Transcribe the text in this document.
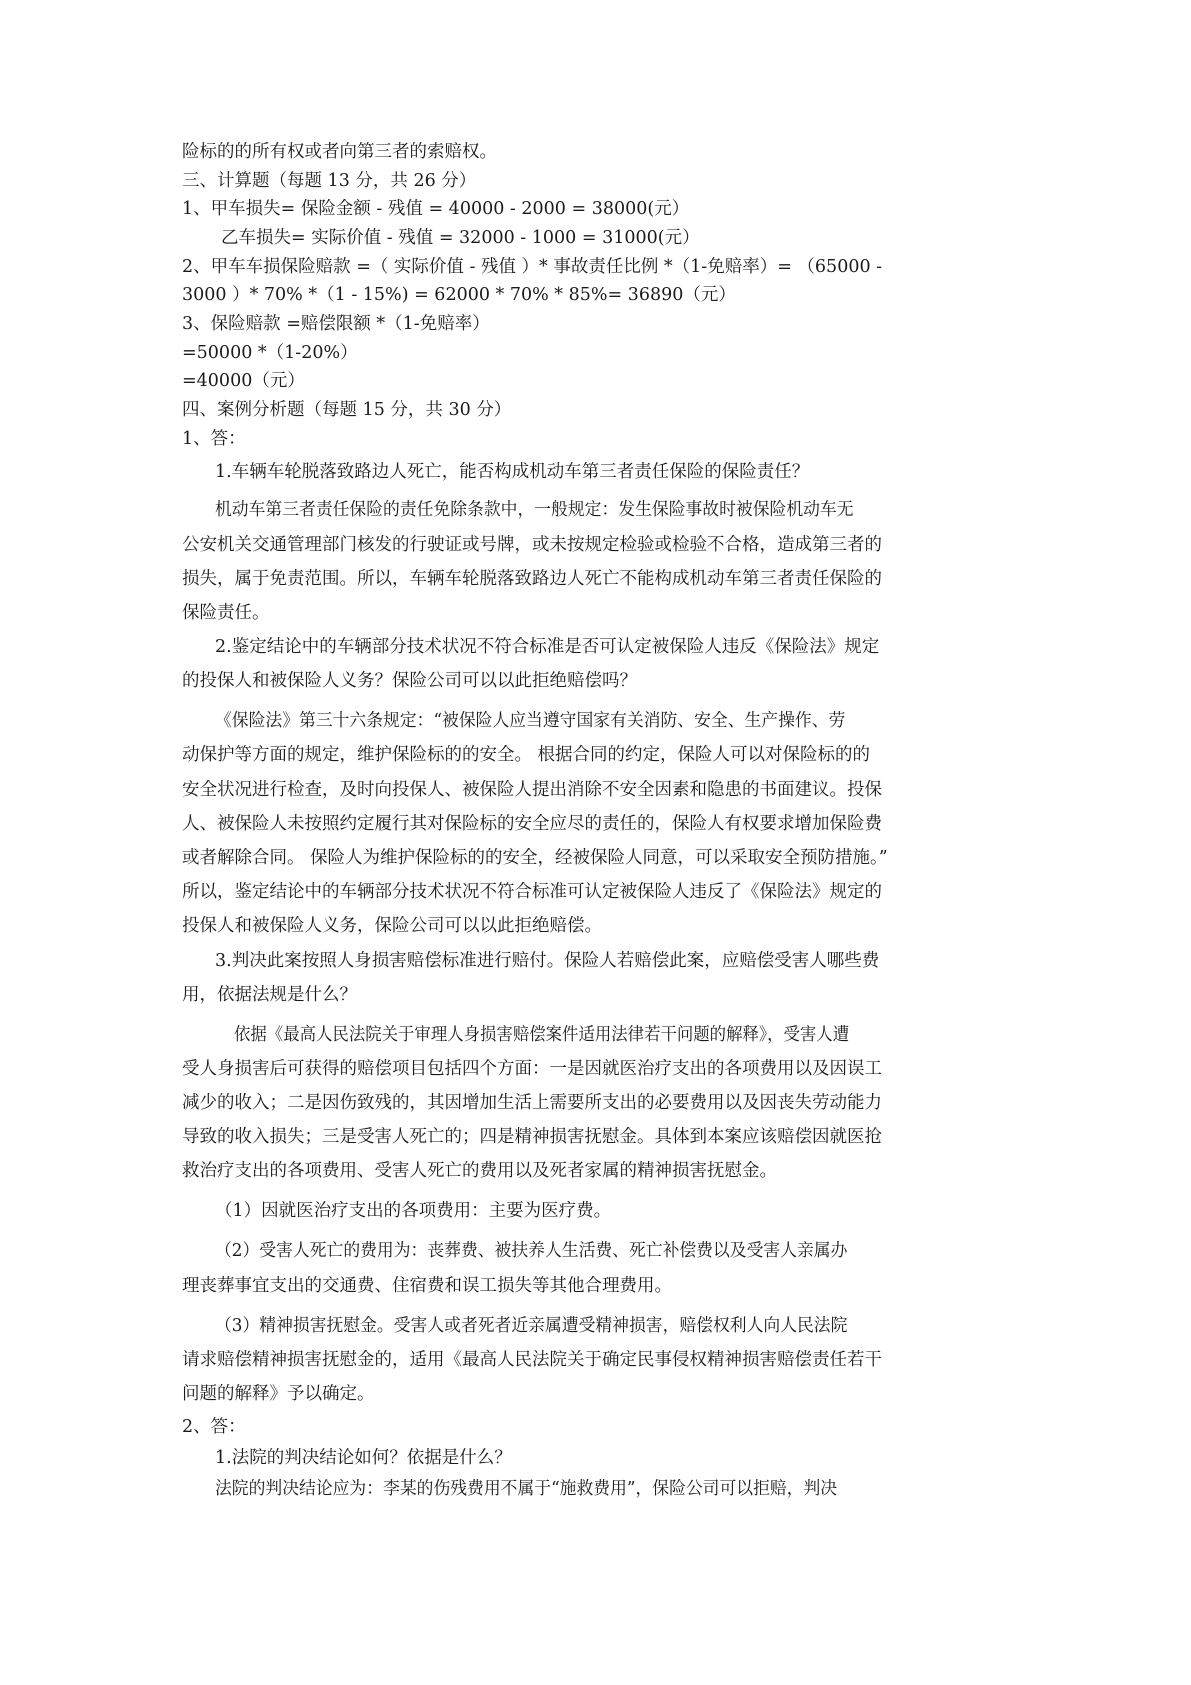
险标的的所有权或者向第三者的索赔权。

三、计算题（每题 13 分，共 26 分）

1、甲车损失= 保险金额 - 残值 = 40000 - 2000 = 38000(元）

乙车损失= 实际价值 - 残值 = 32000 - 1000 = 31000(元）

2、甲车车损保险赔款 =（ 实际价值 - 残值 ）* 事故责任比例 *（1-免赔率）= （65000 -

3000 ）* 70% *（1 - 15%) = 62000 * 70% * 85%= 36890（元）

3、保险赔款 =赔偿限额 *（1-免赔率）

=50000 *（1-20%）

=40000（元）

四、案例分析题（每题 15 分，共 30 分）

1、答：

1.车辆车轮脱落致路边人死亡，能否构成机动车第三者责任保险的保险责任？

机动车第三者责任保险的责任免除条款中，一般规定：发生保险事故时被保险机动车无

公安机关交通管理部门核发的行驶证或号牌，或未按规定检验或检验不合格，造成第三者的

损失，属于免责范围。所以，车辆车轮脱落致路边人死亡不能构成机动车第三者责任保险的

保险责任。

2.鉴定结论中的车辆部分技术状况不符合标准是否可认定被保险人违反《保险法》规定

的投保人和被保险人义务？保险公司可以以此拒绝赔偿吗？

《保险法》第三十六条规定：“被保险人应当遵守国家有关消防、安全、生产操作、劳

动保护等方面的规定，维护保险标的的安全。 根据合同的约定，保险人可以对保险标的的

安全状况进行检查，及时向投保人、被保险人提出消除不安全因素和隐患的书面建议。投保

人、被保险人未按照约定履行其对保险标的安全应尽的责任的，保险人有权要求增加保险费

或者解除合同。 保险人为维护保险标的的安全，经被保险人同意，可以采取安全预防措施。”

所以，鉴定结论中的车辆部分技术状况不符合标准可认定被保险人违反了《保险法》规定的

投保人和被保险人义务，保险公司可以以此拒绝赔偿。

3.判决此案按照人身损害赔偿标准进行赔付。保险人若赔偿此案，应赔偿受害人哪些费

用，依据法规是什么？

依据《最高人民法院关于审理人身损害赔偿案件适用法律若干问题的解释》，受害人遭

受人身损害后可获得的赔偿项目包括四个方面：一是因就医治疗支出的各项费用以及因误工

减少的收入；二是因伤致残的，其因增加生活上需要所支出的必要费用以及因丧失劳动能力

导致的收入损失；三是受害人死亡的；四是精神损害抚慰金。具体到本案应该赔偿因就医抢

救治疗支出的各项费用、受害人死亡的费用以及死者家属的精神损害抚慰金。

（1）因就医治疗支出的各项费用：主要为医疗费。

（2）受害人死亡的费用为：丧葬费、被扶养人生活费、死亡补偿费以及受害人亲属办

理丧葬事宜支出的交通费、住宿费和误工损失等其他合理费用。

（3）精神损害抚慰金。受害人或者死者近亲属遭受精神损害，赔偿权利人向人民法院

请求赔偿精神损害抚慰金的，适用《最高人民法院关于确定民事侵权精神损害赔偿责任若干

问题的解释》予以确定。

2、答：

1.法院的判决结论如何？依据是什么？

法院的判决结论应为：李某的伤残费用不属于“施救费用”，保险公司可以拒赔，判决
